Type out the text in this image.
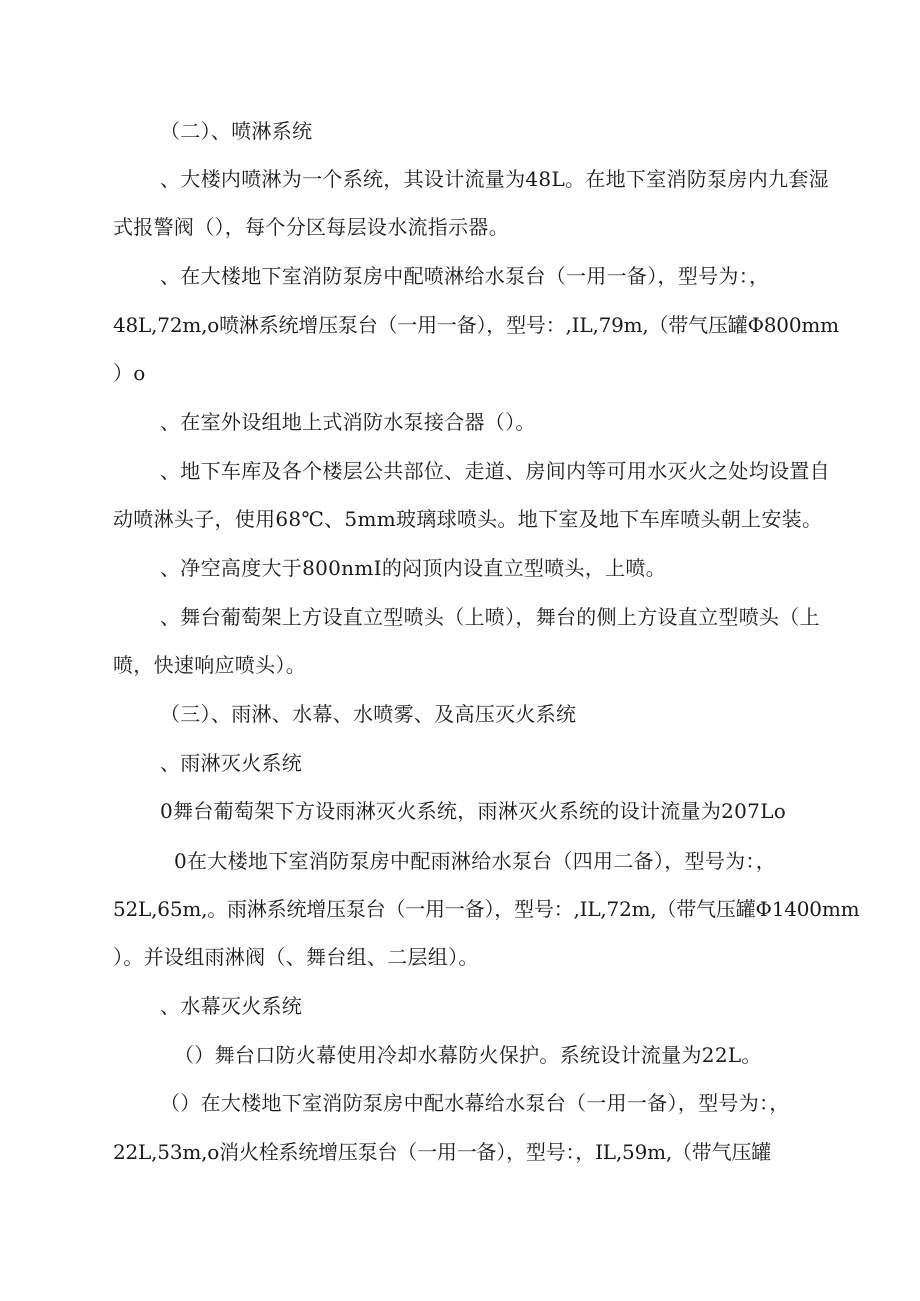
（二）、喷淋系统
、大楼内喷淋为一个系统，其设计流量为48L。在地下室消防泵房内九套湿
式报警阀（），每个分区每层设水流指示器。
、在大楼地下室消防泵房中配喷淋给水泵台（一用一备），型号为：，
48L,72m,o喷淋系统增压泵台（一用一备），型号：,IL,79m,（带气压罐Φ800mm
）o
、在室外设组地上式消防水泵接合器（）。
、地下车库及各个楼层公共部位、走道、房间内等可用水灭火之处均设置自
动喷淋头子，使用68℃、5mm玻璃球喷头。地下室及地下车库喷头朝上安装。
、净空高度大于800nmI的闷顶内设直立型喷头，上喷。
、舞台葡萄架上方设直立型喷头（上喷），舞台的侧上方设直立型喷头（上
喷，快速响应喷头）。
（三）、雨淋、水幕、水喷雾、及高压灭火系统
、雨淋灭火系统
0舞台葡萄架下方设雨淋灭火系统，雨淋灭火系统的设计流量为207Lo
0在大楼地下室消防泵房中配雨淋给水泵台（四用二备），型号为：，
52L,65m,。雨淋系统增压泵台（一用一备），型号：,IL,72m,（带气压罐Φ1400mm
）。并设组雨淋阀（、舞台组、二层组）。
、水幕灭火系统
（）舞台口防火幕使用冷却水幕防火保护。系统设计流量为22L。
（）在大楼地下室消防泵房中配水幕给水泵台（一用一备），型号为：，
22L,53m,o消火栓系统增压泵台（一用一备），型号：，IL,59m,（带气压罐
